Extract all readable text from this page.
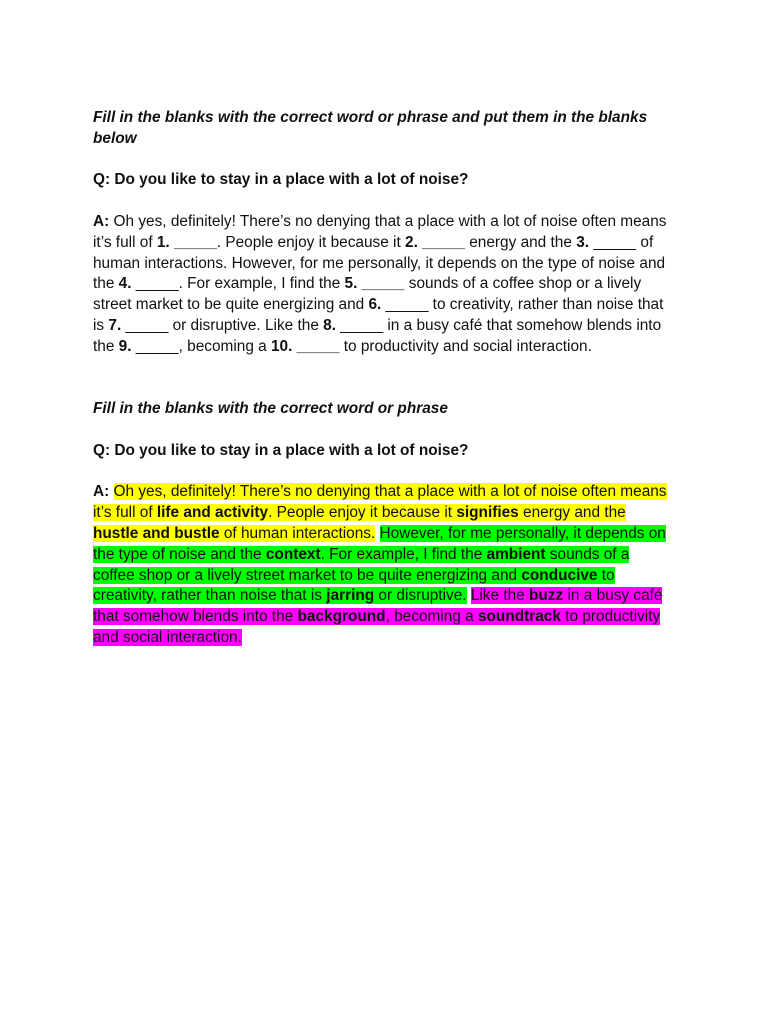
Fill in the blanks with the correct word or phrase and put them in the blanks below

Q: Do you like to stay in a place with a lot of noise?

A: Oh yes, definitely! There’s no denying that a place with a lot of noise often means it’s full of 1. _____. People enjoy it because it 2. _____ energy and the 3. _____ of human interactions. However, for me personally, it depends on the type of noise and the 4. _____. For example, I find the 5. _____ sounds of a coffee shop or a lively street market to be quite energizing and 6. _____ to creativity, rather than noise that is 7. _____ or disruptive. Like the 8. _____ in a busy café that somehow blends into the 9. _____, becoming a 10. _____ to productivity and social interaction.

Fill in the blanks with the correct word or phrase

Q: Do you like to stay in a place with a lot of noise?

A: Oh yes, definitely! There’s no denying that a place with a lot of noise often means it’s full of life and activity. People enjoy it because it signifies energy and the hustle and bustle of human interactions. However, for me personally, it depends on the type of noise and the context. For example, I find the ambient sounds of a coffee shop or a lively street market to be quite energizing and conducive to creativity, rather than noise that is jarring or disruptive. Like the buzz in a busy café that somehow blends into the background, becoming a soundtrack to productivity and social interaction.
